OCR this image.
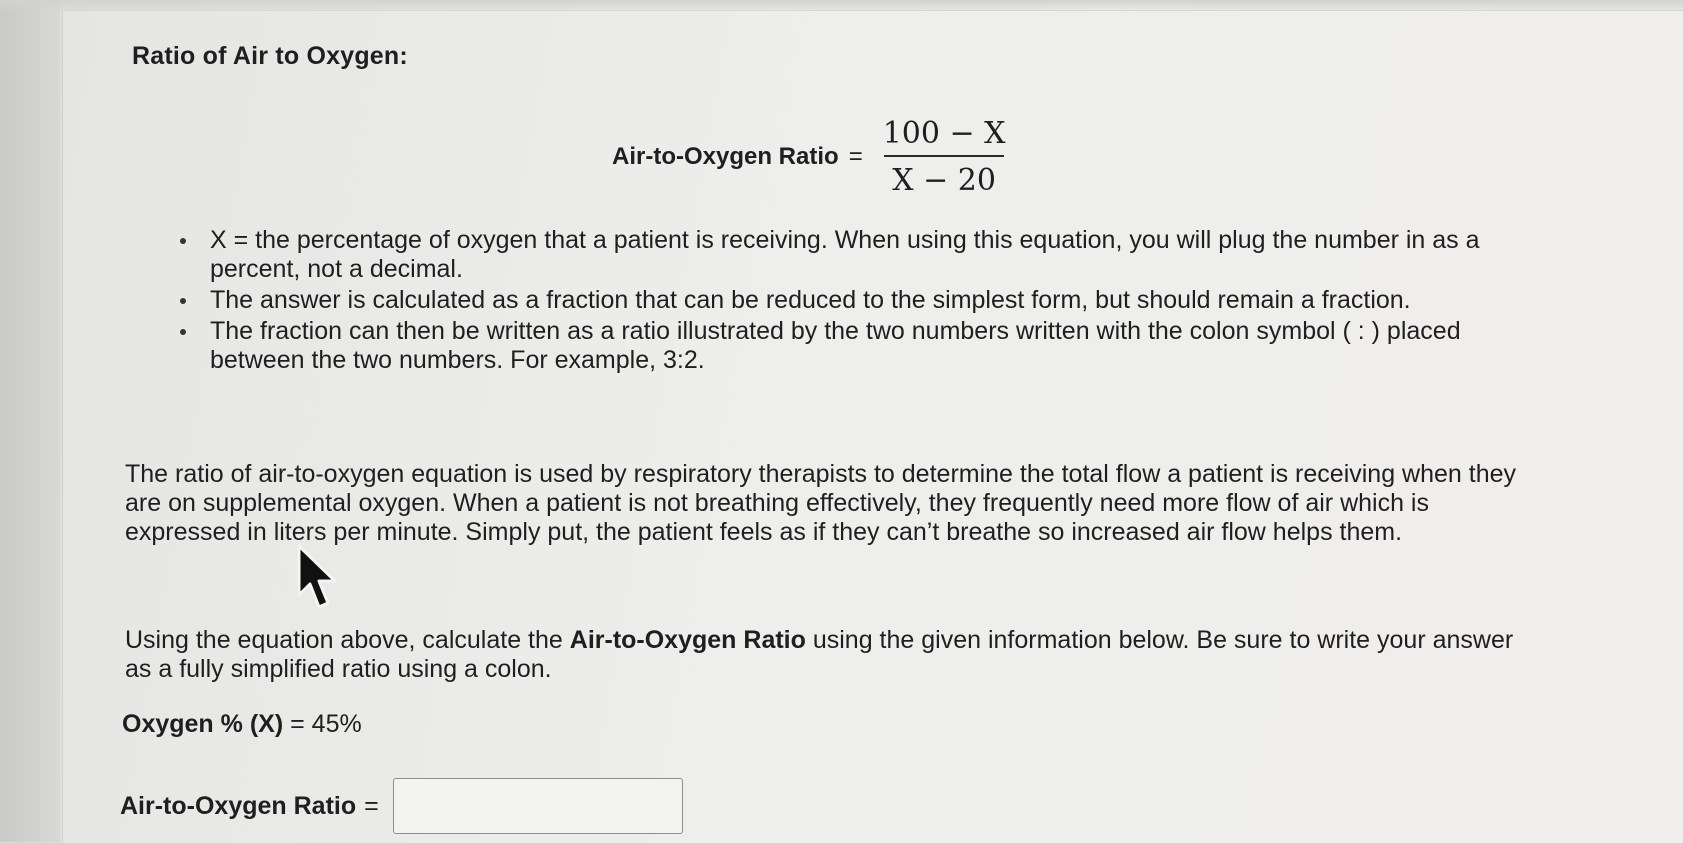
Ratio of Air to Oxygen:
Air-to-Oxygen Ratio = $\frac{100 - X}{X - 20}$
X = the percentage of oxygen that a patient is receiving. When using this equation, you will plug the number in as a percent, not a decimal.
The answer is calculated as a fraction that can be reduced to the simplest form, but should remain a fraction.
The fraction can then be written as a ratio illustrated by the two numbers written with the colon symbol ( : ) placed between the two numbers. For example, 3:2.

The ratio of air-to-oxygen equation is used by respiratory therapists to determine the total flow a patient is receiving when they are on supplemental oxygen. When a patient is not breathing effectively, they frequently need more flow of air which is expressed in liters per minute. Simply put, the patient feels as if they can’t breathe so increased air flow helps them.

Using the equation above, calculate the Air-to-Oxygen Ratio using the given information below. Be sure to write your answer as a fully simplified ratio using a colon.

Oxygen % (X) = 45%
Air-to-Oxygen Ratio =
